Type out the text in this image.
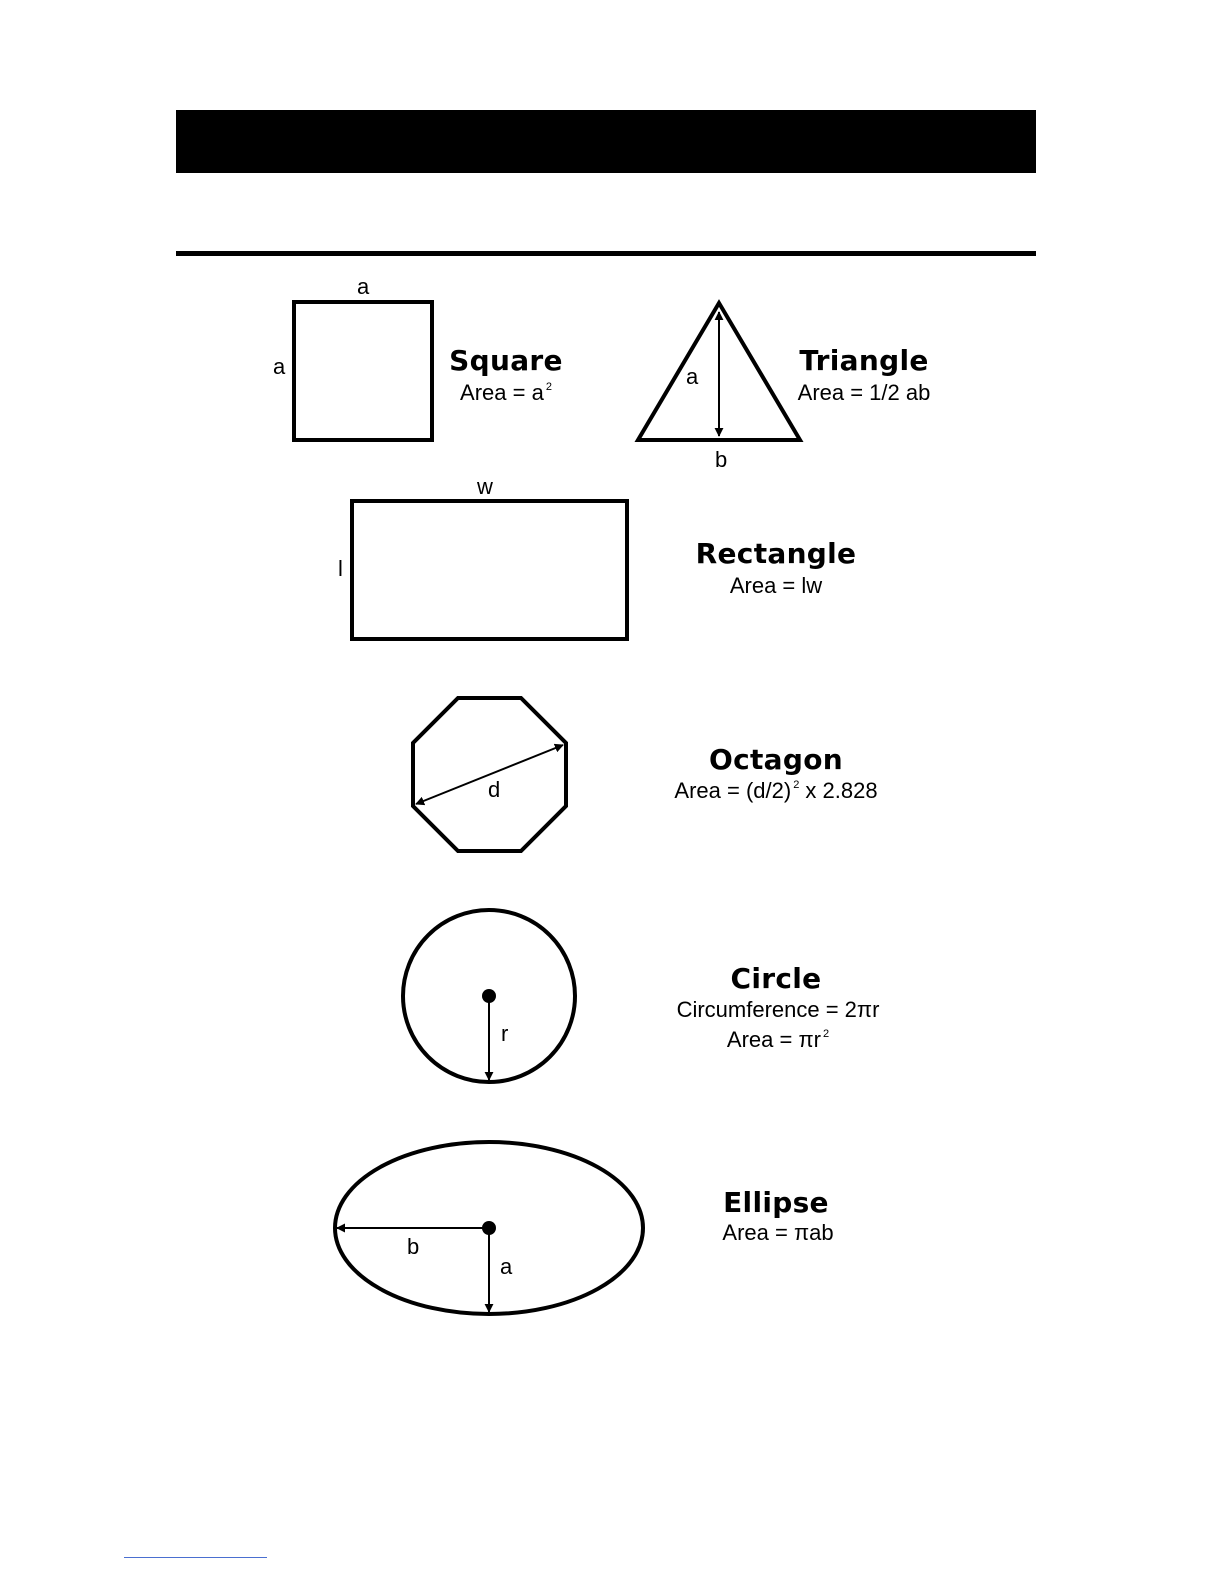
a
a	Square
Area = a $^2$	a
b
Triangle
Area = 1/2 ab
w
l	Rectangle
Area = lw
d
Octagon
Area = (d/2) $^2$ x 2.828
r
Circle
Circumference = 2πr
Area = πr $^2$
b
a
Ellipse
Area = πab
